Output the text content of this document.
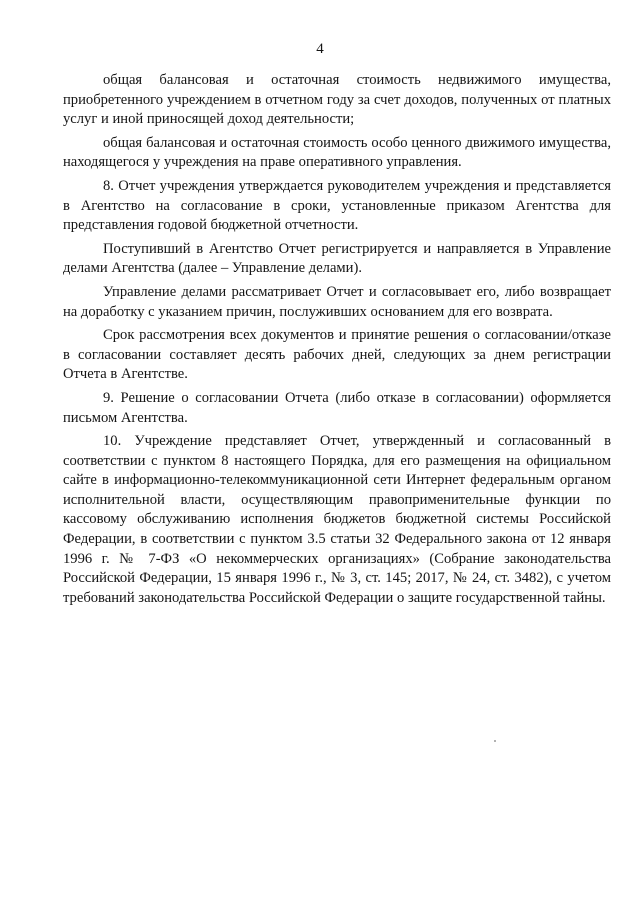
4

общая балансовая и остаточная стоимость недвижимого имущества, приобретенного учреждением в отчетном году за счет доходов, полученных от платных услуг и иной приносящей доход деятельности;

общая балансовая и остаточная стоимость особо ценного движимого имущества, находящегося у учреждения на праве оперативного управления.

8. Отчет учреждения утверждается руководителем учреждения и представляется в Агентство на согласование в сроки, установленные приказом Агентства для представления годовой бюджетной отчетности.

Поступивший в Агентство Отчет регистрируется и направляется в Управление делами Агентства (далее – Управление делами).

Управление делами рассматривает Отчет и согласовывает его, либо возвращает на доработку с указанием причин, послуживших основанием для его возврата.

Срок рассмотрения всех документов и принятие решения о согласовании/отказе в согласовании составляет десять рабочих дней, следующих за днем регистрации Отчета в Агентстве.

9. Решение о согласовании Отчета (либо отказе в согласовании) оформляется письмом Агентства.

10. Учреждение представляет Отчет, утвержденный и согласованный в соответствии с пунктом 8 настоящего Порядка, для его размещения на официальном сайте в информационно-телекоммуникационной сети Интернет федеральным органом исполнительной власти, осуществляющим правоприменительные функции по кассовому обслуживанию исполнения бюджетов бюджетной системы Российской Федерации, в соответствии с пунктом 3.5 статьи 32 Федерального закона от 12 января 1996 г. № 7-ФЗ «О некоммерческих организациях» (Собрание законодательства Российской Федерации, 15 января 1996 г., № 3, ст. 145; 2017, № 24, ст. 3482), с учетом требований законодательства Российской Федерации о защите государственной тайны.
